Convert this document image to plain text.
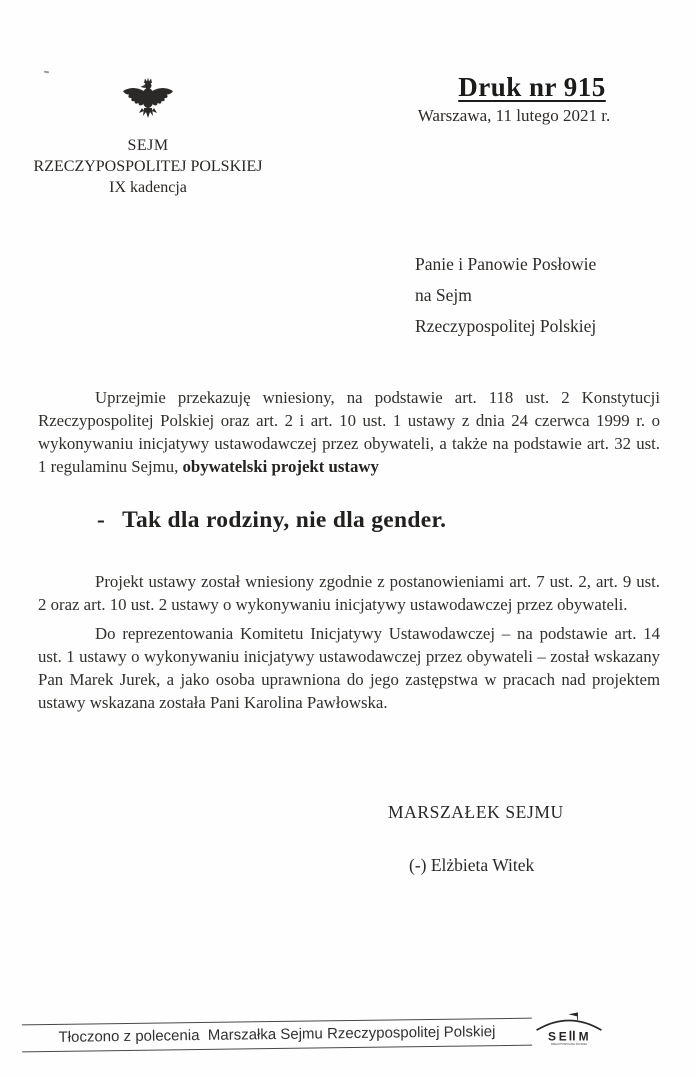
SEJM
RZECZYPOSPOLITEJ POLSKIEJ
IX kadencja
Druk nr 915
Warszawa, 11 lutego 2021 r.
Panie i Panowie Posłowie
na Sejm
Rzeczypospolitej Polskiej

Uprzejmie przekazuję wniesiony, na podstawie art. 118 ust. 2 Konstytucji Rzeczypospolitej Polskiej oraz art. 2 i art. 10 ust. 1 ustawy z dnia 24 czerwca 1999 r. o wykonywaniu inicjatywy ustawodawczej przez obywateli, a także na podstawie art. 32 ust. 1 regulaminu Sejmu, obywatelski projekt ustawy

- Tak dla rodziny, nie dla gender.

Projekt ustawy został wniesiony zgodnie z postanowieniami art. 7 ust. 2, art. 9 ust. 2 oraz art. 10 ust. 2 ustawy o wykonywaniu inicjatywy ustawodawczej przez obywateli.

Do reprezentowania Komitetu Inicjatywy Ustawodawczej – na podstawie art. 14 ust. 1 ustawy o wykonywaniu inicjatywy ustawodawczej przez obywateli – został wskazany Pan Marek Jurek, a jako osoba uprawniona do jego zastępstwa w pracach nad projektem ustawy wskazana została Pani Karolina Pawłowska.

MARSZAŁEK SEJMU
(-) Elżbieta Witek
Tłoczono z polecenia  Marszałka Sejmu Rzeczypospolitej Polskiej	S E M
RZECZYPOSPOLITEJ POLSKIEJ
